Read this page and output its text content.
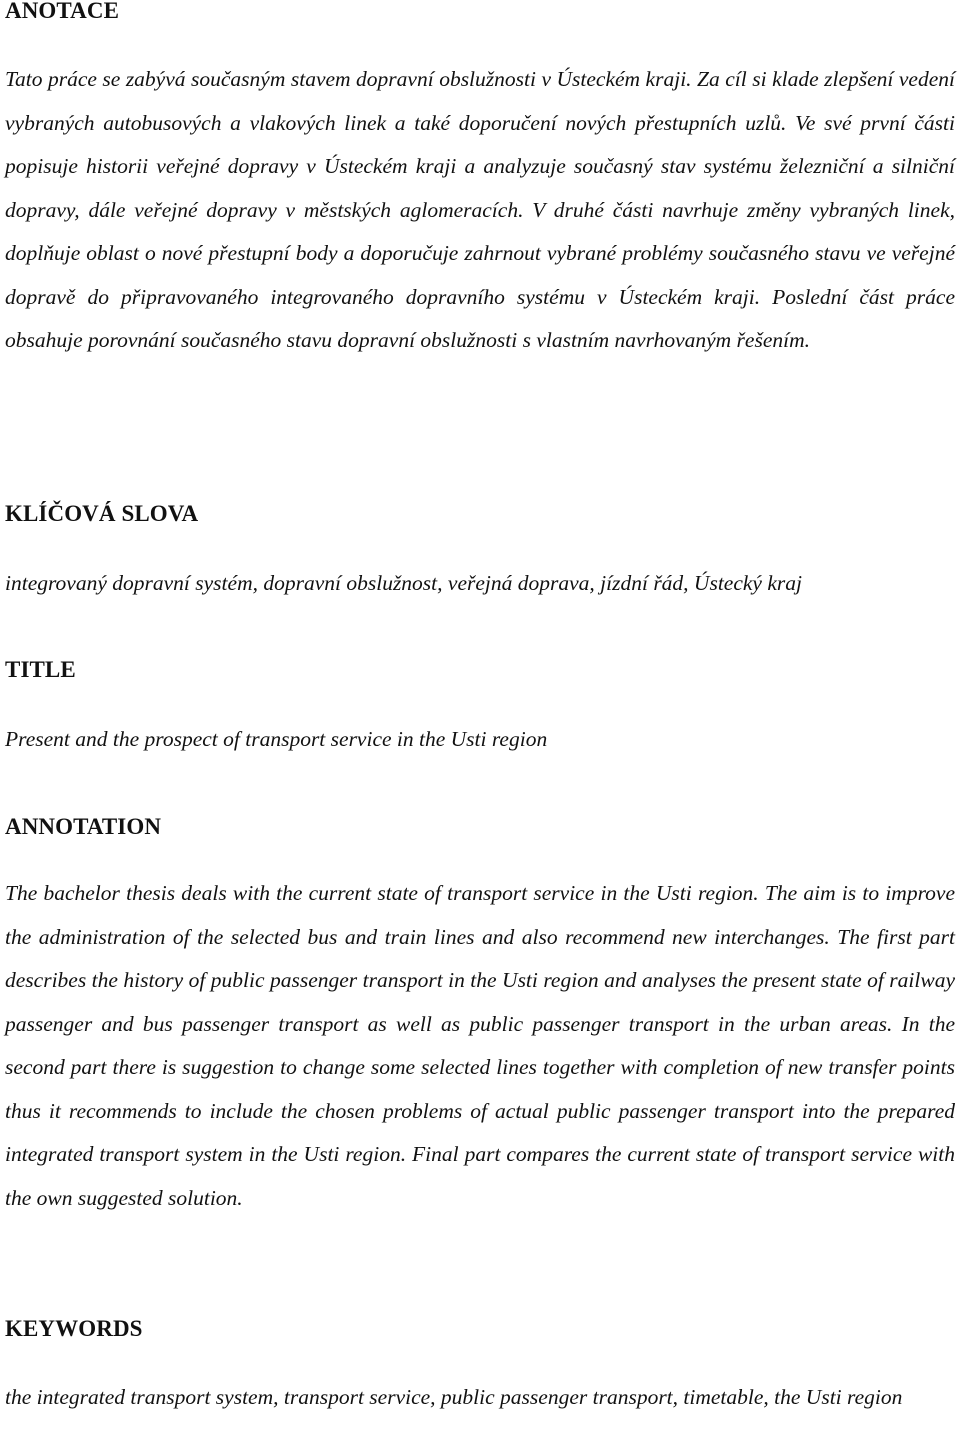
ANOTACE

Tato práce se zabývá současným stavem dopravní obslužnosti v Ústeckém kraji. Za cíl si klade zlepšení vedení vybraných autobusových a vlakových linek a také doporučení nových přestupních uzlů. Ve své první části popisuje historii veřejné dopravy v Ústeckém kraji a analyzuje současný stav systému železniční a silniční dopravy, dále veřejné dopravy v městských aglomeracích. V druhé části navrhuje změny vybraných linek, doplňuje oblast o nové přestupní body a doporučuje zahrnout vybrané problémy současného stavu ve veřejné dopravě do připravovaného integrovaného dopravního systému v Ústeckém kraji. Poslední část práce obsahuje porovnání současného stavu dopravní obslužnosti s vlastním navrhovaným řešením.

KLÍČOVÁ SLOVA

integrovaný dopravní systém, dopravní obslužnost, veřejná doprava, jízdní řád, Ústecký kraj

TITLE

Present and the prospect of transport service in the Usti region

ANNOTATION

The bachelor thesis deals with the current state of transport service in the Usti region. The aim is to improve the administration of the selected bus and train lines and also recommend new interchanges. The first part describes the history of public passenger transport in the Usti region and analyses the present state of railway passenger and bus passenger transport as well as public passenger transport in the urban areas. In the second part there is suggestion to change some selected lines together with completion of new transfer points thus it recommends to include the chosen problems of actual public passenger transport into the prepared integrated transport system in the Usti region. Final part compares the current state of transport service with the own suggested solution.

KEYWORDS

the integrated transport system, transport service, public passenger transport, timetable, the Usti region
